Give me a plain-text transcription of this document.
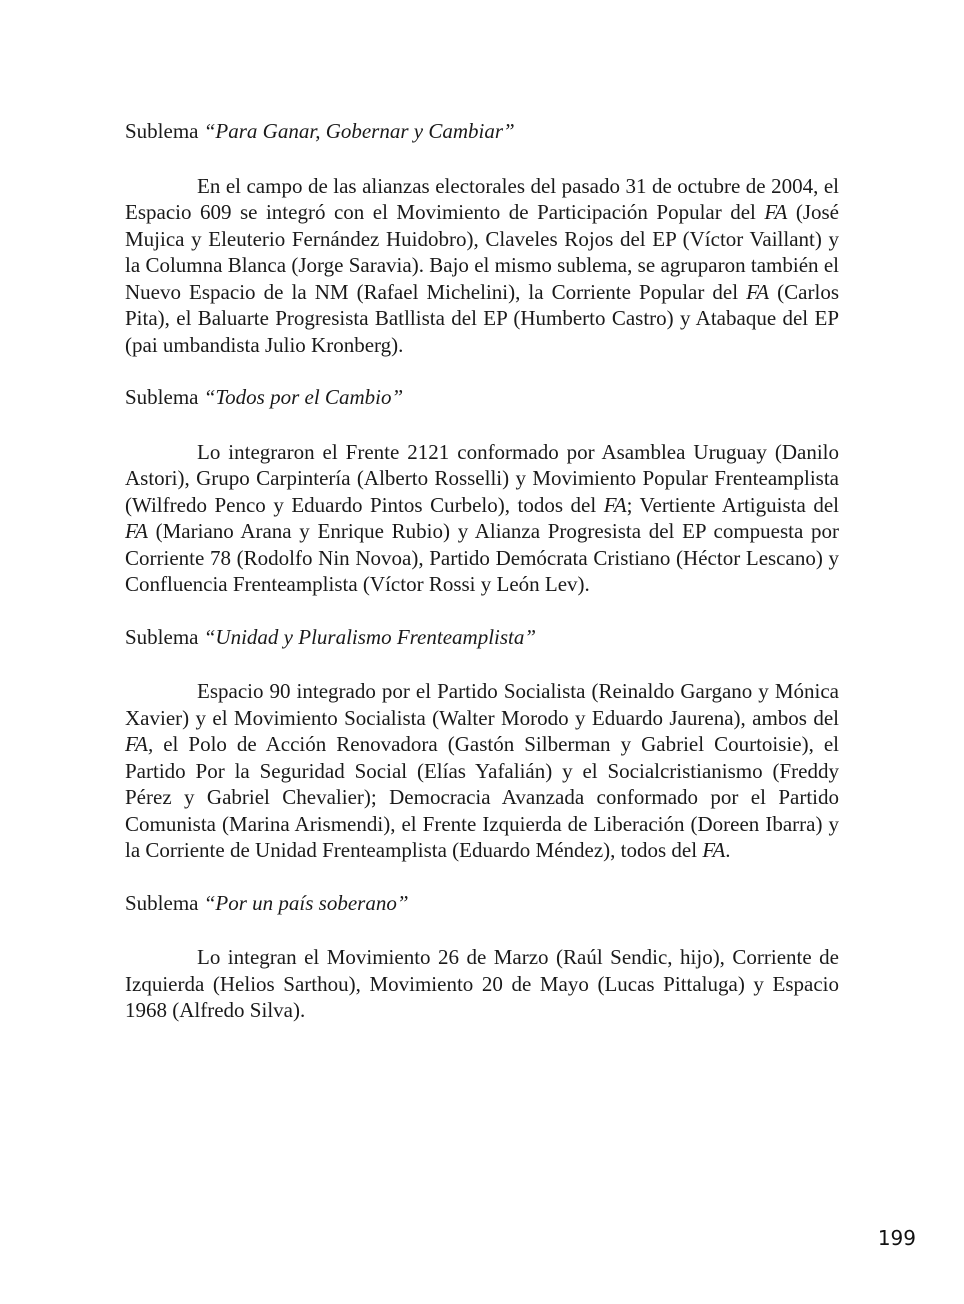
Sublema “Para Ganar, Gobernar y Cambiar”

En el campo de las alianzas electorales del pasado 31 de octubre de 2004, el Espacio 609 se integró con el Movimiento de Participación Popular del FA (José Mujica y Eleuterio Fernández Huidobro), Claveles Rojos del EP (Víctor Vaillant) y la Columna Blanca (Jorge Saravia). Bajo el mismo sublema, se agruparon también el Nuevo Espacio de la NM (Rafael Michelini), la Corriente Popular del FA (Carlos Pita), el Baluarte Progresista Batllista del EP (Humberto Castro) y Atabaque del EP (pai umbandista Julio Kronberg).

Sublema “Todos por el Cambio”

Lo integraron el Frente 2121 conformado por Asamblea Uruguay (Danilo Astori), Grupo Carpintería (Alberto Rosselli) y Movimiento Popular Frenteamplista (Wilfredo Penco y Eduardo Pintos Curbelo), todos del FA; Vertiente Artiguista del FA (Mariano Arana y Enrique Rubio) y Alianza Progresista del EP compuesta por Corriente 78 (Rodolfo Nin Novoa), Partido Demócrata Cristiano (Héctor Lescano) y Confluencia Frenteamplista (Víctor Rossi y León Lev).

Sublema “Unidad y Pluralismo Frenteamplista”

Espacio 90 integrado por el Partido Socialista (Reinaldo Gargano y Mónica Xavier) y el Movimiento Socialista (Walter Morodo y Eduardo Jaurena), ambos del FA, el Polo de Acción Renovadora (Gastón Silberman y Gabriel Courtoisie), el Partido Por la Seguridad Social (Elías Yafalián) y el Socialcristianismo (Freddy Pérez y Gabriel Chevalier); Democracia Avanzada conformado por el Partido Comunista (Marina Arismendi), el Frente Izquierda de Liberación (Doreen Ibarra) y la Corriente de Unidad Frenteamplista (Eduardo Méndez), todos del FA.

Sublema “Por un país soberano”

Lo integran el Movimiento 26 de Marzo (Raúl Sendic, hijo), Corriente de Izquierda (Helios Sarthou), Movimiento 20 de Mayo (Lucas Pittaluga) y Espacio 1968 (Alfredo Silva).

199
